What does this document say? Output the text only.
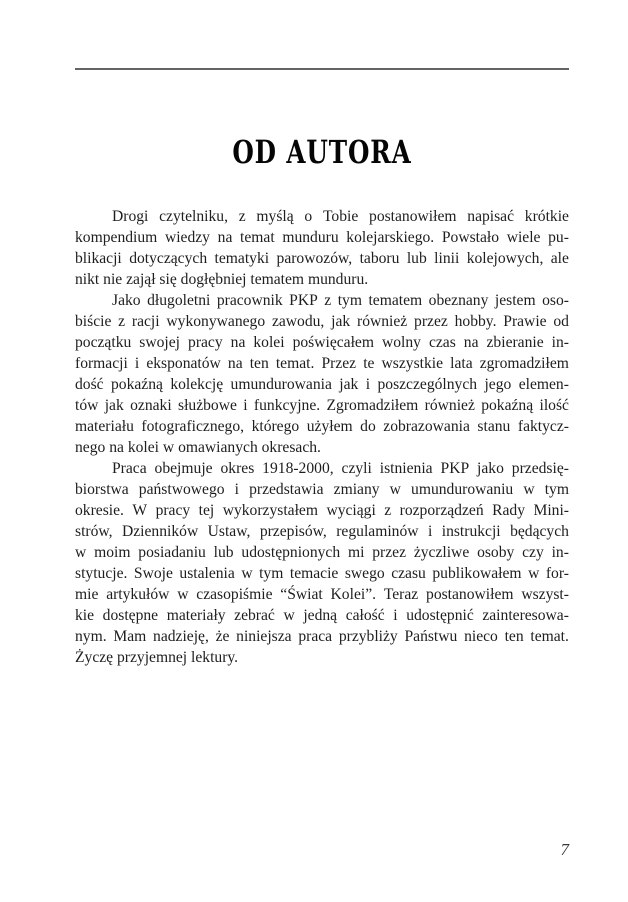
OD AUTORA
Drogi czytelniku, z myślą o Tobie postanowiłem napisać krótkie
kompendium wiedzy na temat munduru kolejarskiego. Powstało wiele pu-
blikacji dotyczących tematyki parowozów, taboru lub linii kolejowych, ale
nikt nie zajął się dogłębniej tematem munduru.
Jako długoletni pracownik PKP z tym tematem obeznany jestem oso-
biście z racji wykonywanego zawodu, jak również przez hobby. Prawie od
początku swojej pracy na kolei poświęcałem wolny czas na zbieranie in-
formacji i eksponatów na ten temat. Przez te wszystkie lata zgromadziłem
dość pokaźną kolekcję umundurowania jak i poszczególnych jego elemen-
tów jak oznaki służbowe i funkcyjne. Zgromadziłem również pokaźną ilość
materiału fotograficznego, którego użyłem do zobrazowania stanu faktycz-
nego na kolei w omawianych okresach.
Praca obejmuje okres 1918-2000, czyli istnienia PKP jako przedsię-
biorstwa państwowego i przedstawia zmiany w umundurowaniu w tym
okresie. W pracy tej wykorzystałem wyciągi z rozporządzeń Rady Mini-
strów, Dzienników Ustaw, przepisów, regulaminów i instrukcji będących
w moim posiadaniu lub udostępnionych mi przez życzliwe osoby czy in-
stytucje. Swoje ustalenia w tym temacie swego czasu publikowałem w for-
mie artykułów w czasopiśmie “Świat Kolei”. Teraz postanowiłem wszyst-
kie dostępne materiały zebrać w jedną całość i udostępnić zainteresowa-
nym. Mam nadzieję, że niniejsza praca przybliży Państwu nieco ten temat.
Życzę przyjemnej lektury.
7
